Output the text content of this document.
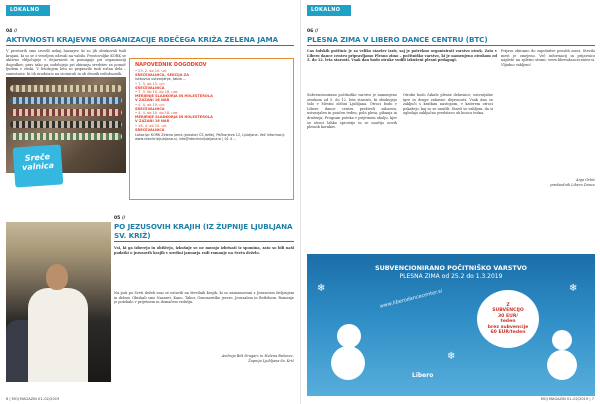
LOKALNO
04 //
AKTIVNOSTI KRAJEVNE ORGANIZACIJE RDEČEGA KRIŽA ZELENA JAMA
V prostorih smo izvedli nekaj bazarjev, ki so jih obiskovali tudi krajani, ki so se z veseljem odzvali na vabilo. Prostovoljke KORK se aktivno vključujejo v dejavnosti in pomagajo pri organizaciji dogodkov, prav tako pa sodelujejo pri zbiranju sredstev za pomoč ljudem v stiski. V letošnjem letu so pripravile tudi ročna dela – zapestnice, ki jih prodajajo na stojnicah in ob drugih priložnostih.
Sreče
valnica
NAPOVEDNIK DOGODKOV
• 23. 2. ob 10. uri:
SREČEVALNICA, SEKCIJA ZA
lutkovno ustvarjanje, tabla ...
• 7. 3. ob 10. uri:
SREČEVALNICA
• 7. 3. ob 10. do 18. ure:
MERJENJE SLADKORJA IN HOLESTEROLA
V ZAZANI 16 NAR
• 4. 4. ob 10. uri:
SREČEVALNICA
• 4. 4. ob 10. do 18. ure:
MERJENJE SLADKORJA IN HOLESTEROLA
V ZAZANI 16 NAR
• 18. 4. ob 10. uri:
SREČEVALNICA
Lokacija: KORK Zelena jama (prostori ČS Jarše), Pečkarjeva 12, Ljubljana. Več informacij: www.rdecikrizljubljana.si, info@rdecikrizljubljana.si | 01 4 ...
05 //
PO JEZUSOVIH KRAJIH (IZ ŽUPNIJE LJUBLJANA SV. KRIŽ)
Vsi, ki ga izberejo in obiščejo, izkušnje se ne morajo izbrisati iz spomina, zato so bili naši podatki o jezusovih krajih v sredini januarja radi romanje na Sveto deželo.
Na poti po Sveti deželi smo se ustavili na številnih krajih, ki so zaznamovani z Jezusovim življenjem in delom. Obiskali smo Nazaret, Kano, Tabor, Genezareško jezero, Jeruzalem in Betlehem. Romanje je potekalo v prijetnem in domačem vzdušju.
Andreja Bitt Dragarc in Helena Bašovec,
Župnija Ljubljana-Sv. Križ
6 | MOJ MAGAZIN 01–02/2019
LOKALNO
06 //
PLESNA ZIMA V LIBERO DANCE CENTRU (BTC)
Čas šolskih počitnic je za veliko staršev izziv, saj je potrebno organizirati varstvo otrok. Zato v Libero dance centru pripravljamo Plesno zimo – počitniško varstvo, ki je namenjeno otrokom od 5. do 12. leta starosti. Vsak dan bodo otroke vodili izkušeni plesni pedagogi.
Subvencionirano počitniško varstvo je namenjeno otrokom od 5. do 12. leta starosti, ki obiskujejo šolo v Mestni občini Ljubljana. Otroci bodo v Libero dance centru preživeli zabaven, ustvarjalen in poučen teden, poln plesa, gibanja in druženja. Program poteka v prijetnem okolju, kjer se otroci lahko sprostijo in se naučijo novih plesnih korakov.
Otroke bodo čakale plesne delavnice, ustvarjalne igre in druge zabavne dejavnosti. Vsak dan se zaključi s kratkim nastopom, v katerem otroci pokažejo, kaj so se naučili. Starši so vabljeni, da si ogledajo zaključno predstavo ob koncu tedna.
Prijave zbiramo do zapolnitve prostih mest. Število mest je omejeno. Več informacij in prijavnico najdete na spletni strani: www.liberodancecenter.si. Vljudno vabljeni!
Anja Grbić
predsednik Libero Dance
SUBVENCIONIRANO POČITNIŠKO VARSTVO
PLESNA ZIMA od 25.2 do 1.3.2019
www.liberodancecenter.si	Z
SUBVENCIJO
30 EUR/
teden
brez subvencije
60 EUR/teden
❄	❄
❄
Libero
MOJ MAGAZIN 01–02/2019 | 7
